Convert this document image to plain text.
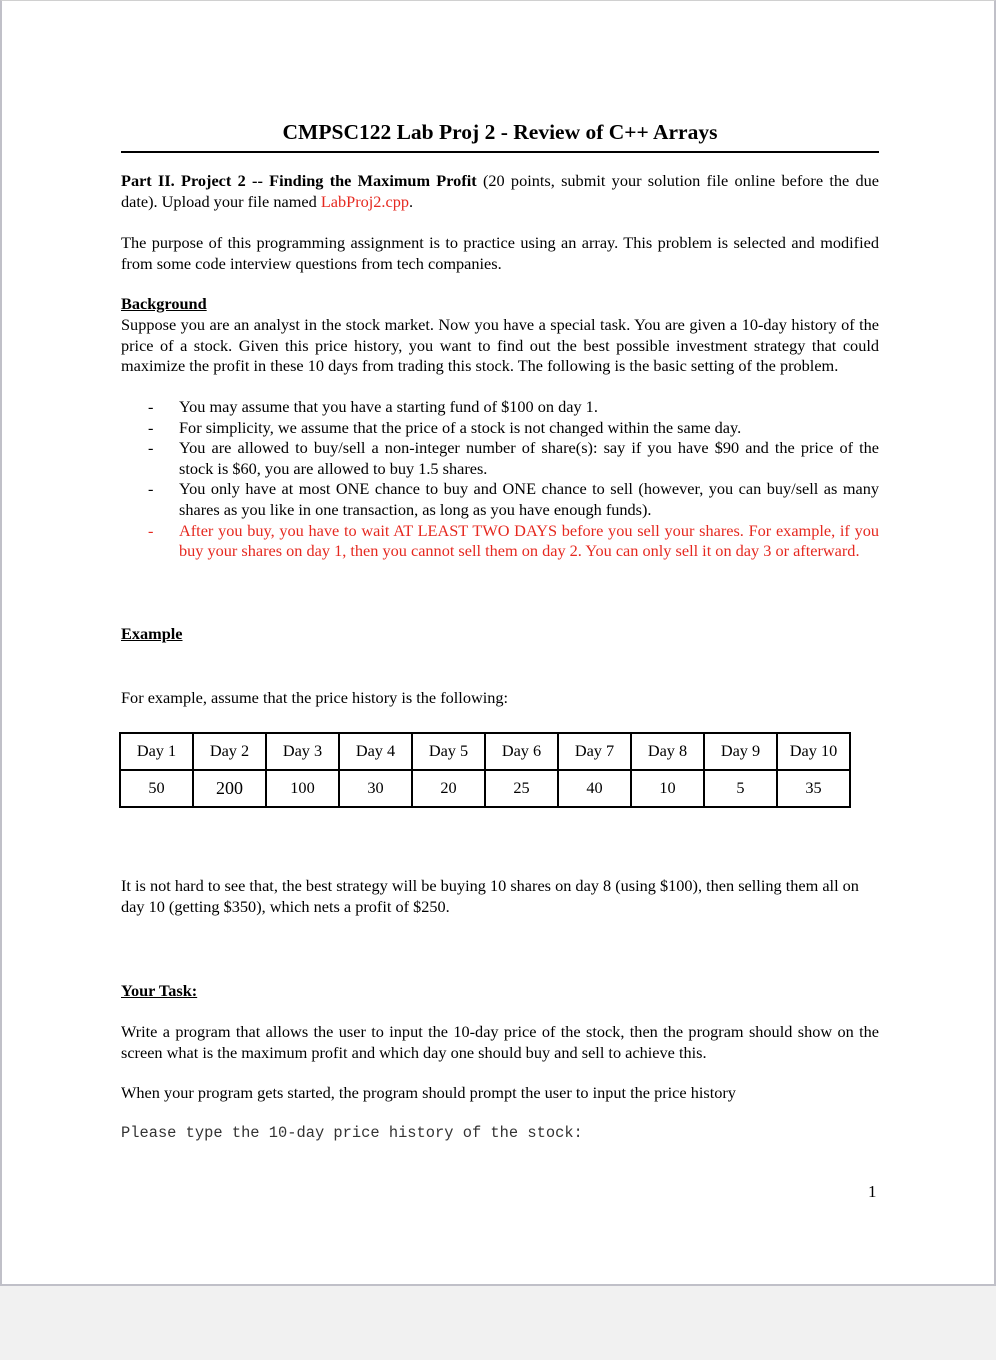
CMPSC122 Lab Proj 2 - Review of C++ Arrays
Part II. Project 2 -- Finding the Maximum Profit (20 points, submit your solution file online before the due date). Upload your file named LabProj2.cpp.
The purpose of this programming assignment is to practice using an array. This problem is selected and modified from some code interview questions from tech companies.
Background
Suppose you are an analyst in the stock market. Now you have a special task. You are given a 10-day history of the price of a stock. Given this price history, you want to find out the best possible investment strategy that could maximize the profit in these 10 days from trading this stock. The following is the basic setting of the problem.
- You may assume that you have a starting fund of $100 on day 1.
- For simplicity, we assume that the price of a stock is not changed within the same day.
- You are allowed to buy/sell a non-integer number of share(s): say if you have $90 and the price of the stock is $60, you are allowed to buy 1.5 shares.
- You only have at most ONE chance to buy and ONE chance to sell (however, you can buy/sell as many shares as you like in one transaction, as long as you have enough funds).
- After you buy, you have to wait AT LEAST TWO DAYS before you sell your shares. For example, if you buy your shares on day 1, then you cannot sell them on day 2. You can only sell it on day 3 or afterward.
Example
For example, assume that the price history is the following:
Day 1	Day 2	Day 3	Day 4	Day 5	Day 6	Day 7	Day 8	Day 9	Day 10
50	200	100	30	20	25	40	10	5	35
It is not hard to see that, the best strategy will be buying 10 shares on day 8 (using $100), then selling them all on day 10 (getting $350), which nets a profit of $250.
Your Task:
Write a program that allows the user to input the 10-day price of the stock, then the program should show on the screen what is the maximum profit and which day one should buy and sell to achieve this.
When your program gets started, the program should prompt the user to input the price history
Please type the 10-day price history of the stock:
1
